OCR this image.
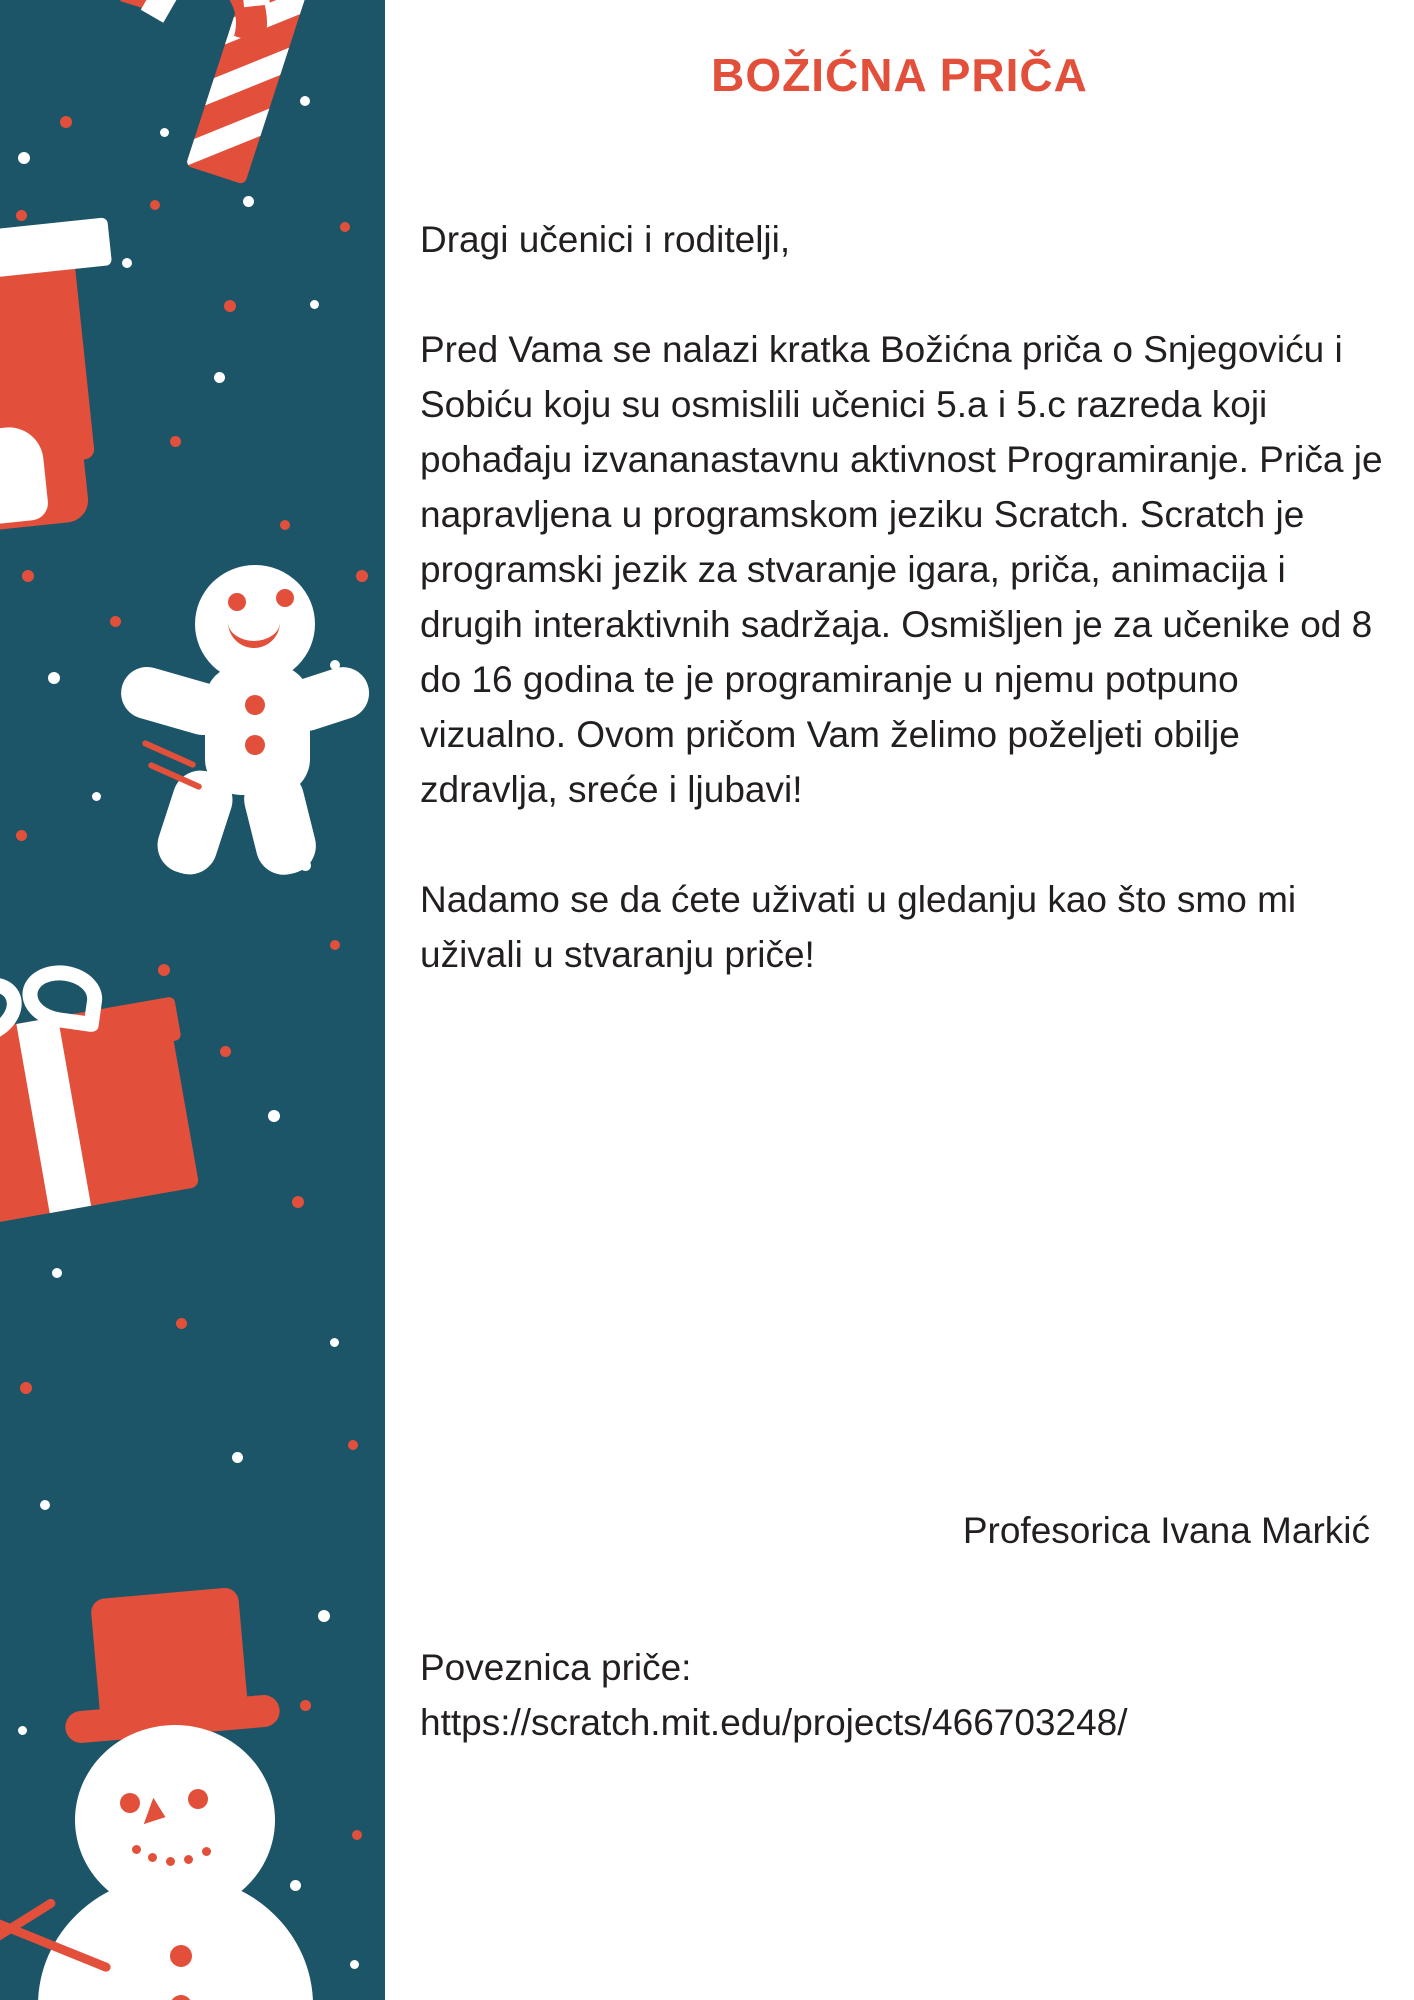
BOŽIĆNA PRIČA
Dragi učenici i roditelji,

Pred Vama se nalazi kratka Božićna priča o Snjegoviću i Sobiću koju su osmislili učenici 5.a i 5.c razreda koji pohađaju izvananastavnu aktivnost Programiranje. Priča je napravljena u programskom jeziku Scratch. Scratch je programski jezik za stvaranje igara, priča, animacija i drugih interaktivnih sadržaja. Osmišljen je za učenike od 8 do 16 godina te je programiranje u njemu potpuno vizualno. Ovom pričom Vam želimo poželjeti obilje zdravlja, sreće i ljubavi!

Nadamo se da ćete uživati u gledanju kao što smo mi uživali u stvaranju priče!
Profesorica Ivana Markić
Poveznica priče:
https://scratch.mit.edu/projects/466703248/
